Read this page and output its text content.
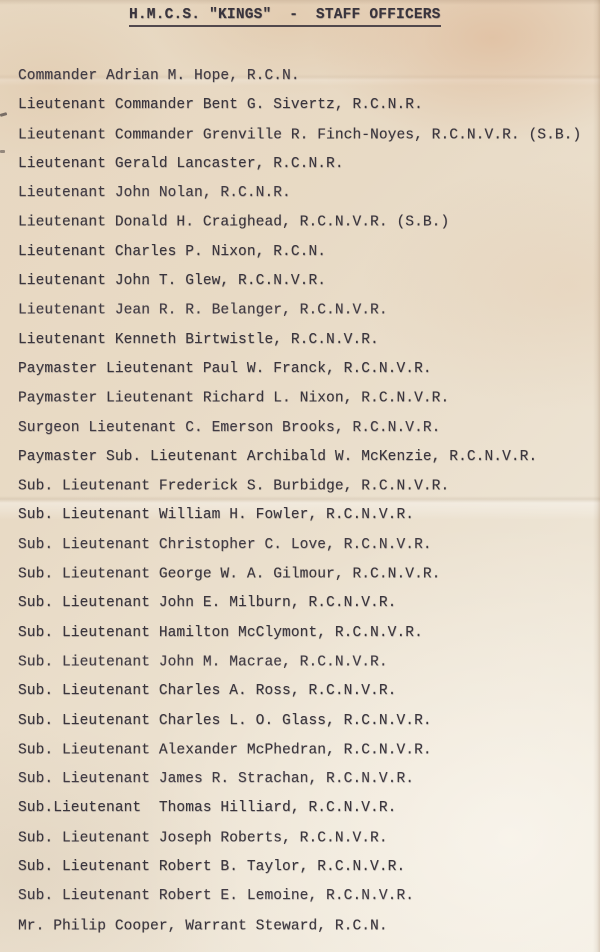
H.M.C.S. "KINGS"  -  STAFF OFFICERS
Commander Adrian M. Hope, R.C.N.
Lieutenant Commander Bent G. Sivertz, R.C.N.R.
Lieutenant Commander Grenville R. Finch-Noyes, R.C.N.V.R. (S.B.)
Lieutenant Gerald Lancaster, R.C.N.R.
Lieutenant John Nolan, R.C.N.R.
Lieutenant Donald H. Craighead, R.C.N.V.R. (S.B.)
Lieutenant Charles P. Nixon, R.C.N.
Lieutenant John T. Glew, R.C.N.V.R.
Lieutenant Jean R. R. Belanger, R.C.N.V.R.
Lieutenant Kenneth Birtwistle, R.C.N.V.R.
Paymaster Lieutenant Paul W. Franck, R.C.N.V.R.
Paymaster Lieutenant Richard L. Nixon, R.C.N.V.R.
Surgeon Lieutenant C. Emerson Brooks, R.C.N.V.R.
Paymaster Sub. Lieutenant Archibald W. McKenzie, R.C.N.V.R.
Sub. Lieutenant Frederick S. Burbidge, R.C.N.V.R.
Sub. Lieutenant William H. Fowler, R.C.N.V.R.
Sub. Lieutenant Christopher C. Love, R.C.N.V.R.
Sub. Lieutenant George W. A. Gilmour, R.C.N.V.R.
Sub. Lieutenant John E. Milburn, R.C.N.V.R.
Sub. Lieutenant Hamilton McClymont, R.C.N.V.R.
Sub. Lieutenant John M. Macrae, R.C.N.V.R.
Sub. Lieutenant Charles A. Ross, R.C.N.V.R.
Sub. Lieutenant Charles L. O. Glass, R.C.N.V.R.
Sub. Lieutenant Alexander McPhedran, R.C.N.V.R.
Sub. Lieutenant James R. Strachan, R.C.N.V.R.
Sub.Lieutenant  Thomas Hilliard, R.C.N.V.R.
Sub. Lieutenant Joseph Roberts, R.C.N.V.R.
Sub. Lieutenant Robert B. Taylor, R.C.N.V.R.
Sub. Lieutenant Robert E. Lemoine, R.C.N.V.R.
Mr. Philip Cooper, Warrant Steward, R.C.N.
